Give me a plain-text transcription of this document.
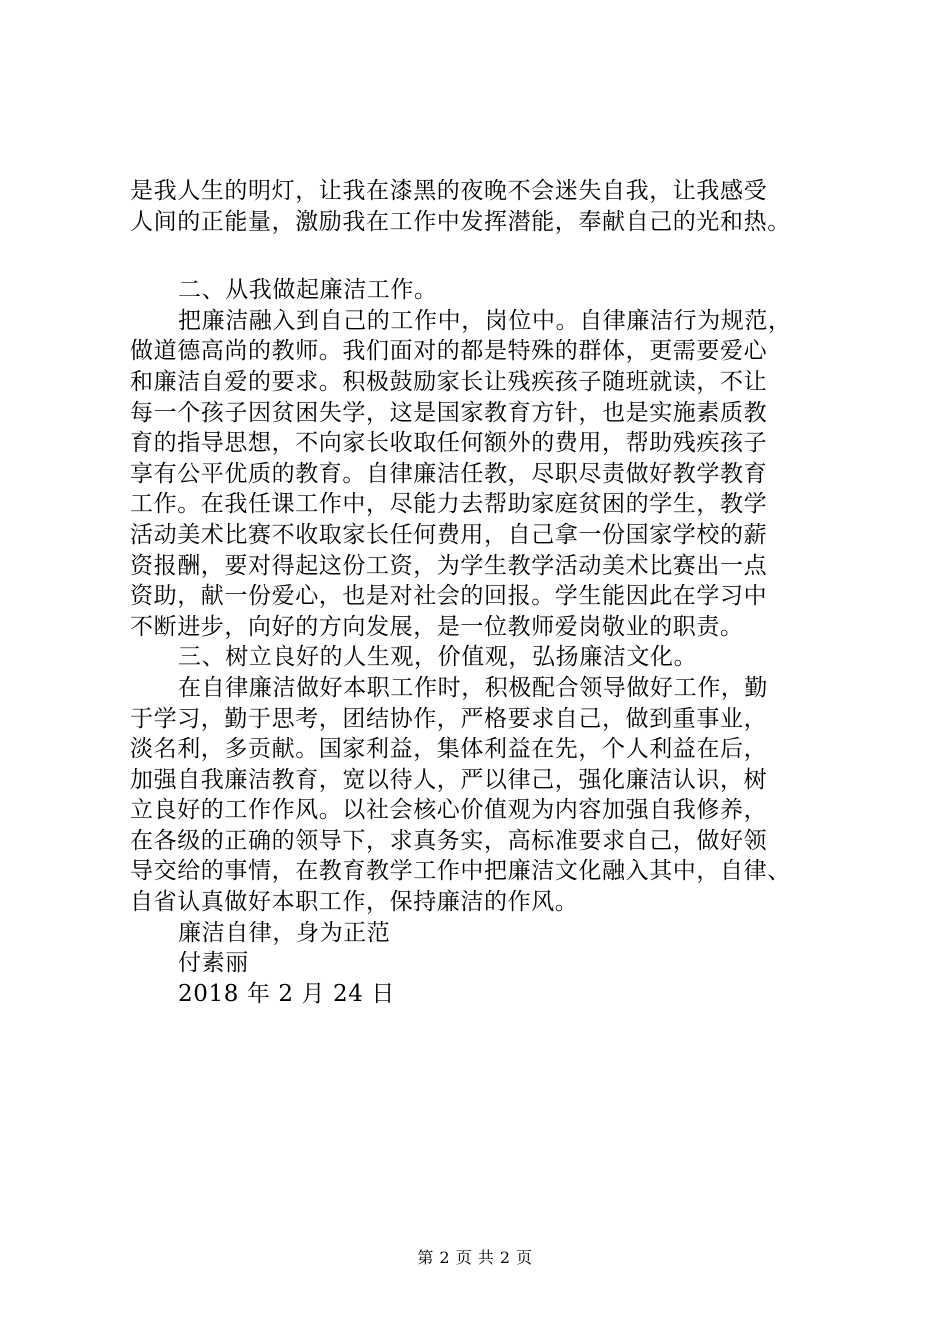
是我人生的明灯，让我在漆黑的夜晚不会迷失自我，让我感受
人间的正能量，激励我在工作中发挥潜能，奉献自己的光和热。
二、从我做起廉洁工作。
把廉洁融入到自己的工作中，岗位中。自律廉洁行为规范，
做道德高尚的教师。我们面对的都是特殊的群体，更需要爱心
和廉洁自爱的要求。积极鼓励家长让残疾孩子随班就读，不让
每一个孩子因贫困失学，这是国家教育方针，也是实施素质教
育的指导思想，不向家长收取任何额外的费用，帮助残疾孩子
享有公平优质的教育。自律廉洁任教，尽职尽责做好教学教育
工作。在我任课工作中，尽能力去帮助家庭贫困的学生，教学
活动美术比赛不收取家长任何费用，自己拿一份国家学校的薪
资报酬，要对得起这份工资，为学生教学活动美术比赛出一点
资助，献一份爱心，也是对社会的回报。学生能因此在学习中
不断进步，向好的方向发展，是一位教师爱岗敬业的职责。
三、树立良好的人生观，价值观，弘扬廉洁文化。
在自律廉洁做好本职工作时，积极配合领导做好工作，勤
于学习，勤于思考，团结协作，严格要求自己，做到重事业，
淡名利，多贡献。国家利益，集体利益在先，个人利益在后，
加强自我廉洁教育，宽以待人，严以律己，强化廉洁认识，树
立良好的工作作风。以社会核心价值观为内容加强自我修养，
在各级的正确的领导下，求真务实，高标准要求自己，做好领
导交给的事情，在教育教学工作中把廉洁文化融入其中，自律、
自省认真做好本职工作，保持廉洁的作风。
廉洁自律，身为正范
付素丽
2018 年 2 月 24 日
第 2 页 共 2 页
